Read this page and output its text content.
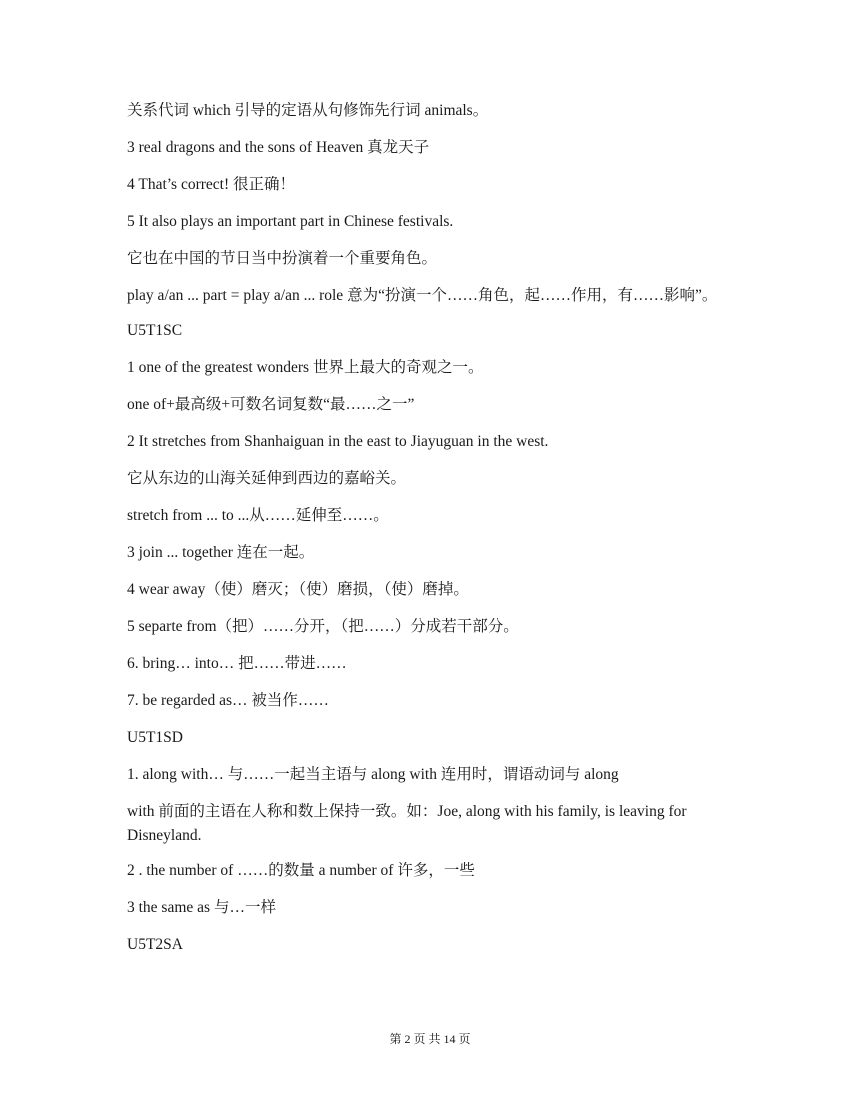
关系代词 which 引导的定语从句修饰先行词 animals。

3 real dragons and the sons of Heaven 真龙天子

4 That’s correct! 很正确！

5 It also plays an important part in Chinese festivals.

它也在中国的节日当中扮演着一个重要角色。

play a/an ... part = play a/an ... role 意为“扮演一个……角色，起……作用，有……影响”。

U5T1SC

1 one of the greatest wonders 世界上最大的奇观之一。

one of+最高级+可数名词复数“最……之一”

2 It stretches from Shanhaiguan in the east to Jiayuguan in the west.

它从东边的山海关延伸到西边的嘉峪关。

stretch from ... to ...从……延伸至……。

3 join ... together 连在一起。

4 wear away（使）磨灭；（使）磨损，（使）磨掉。

5 separte from（把）……分开，（把……）分成若干部分。

6. bring… into… 把……带进……

7. be regarded as… 被当作……

U5T1SD

1. along with… 与……一起当主语与 along with 连用时，谓语动词与 along

with 前面的主语在人称和数上保持一致。如：Joe, along with his family, is leaving for Disneyland.

2 . the number of ……的数量 a number of 许多，一些

3 the same as 与…一样

U5T2SA

第 2 页 共 14 页
